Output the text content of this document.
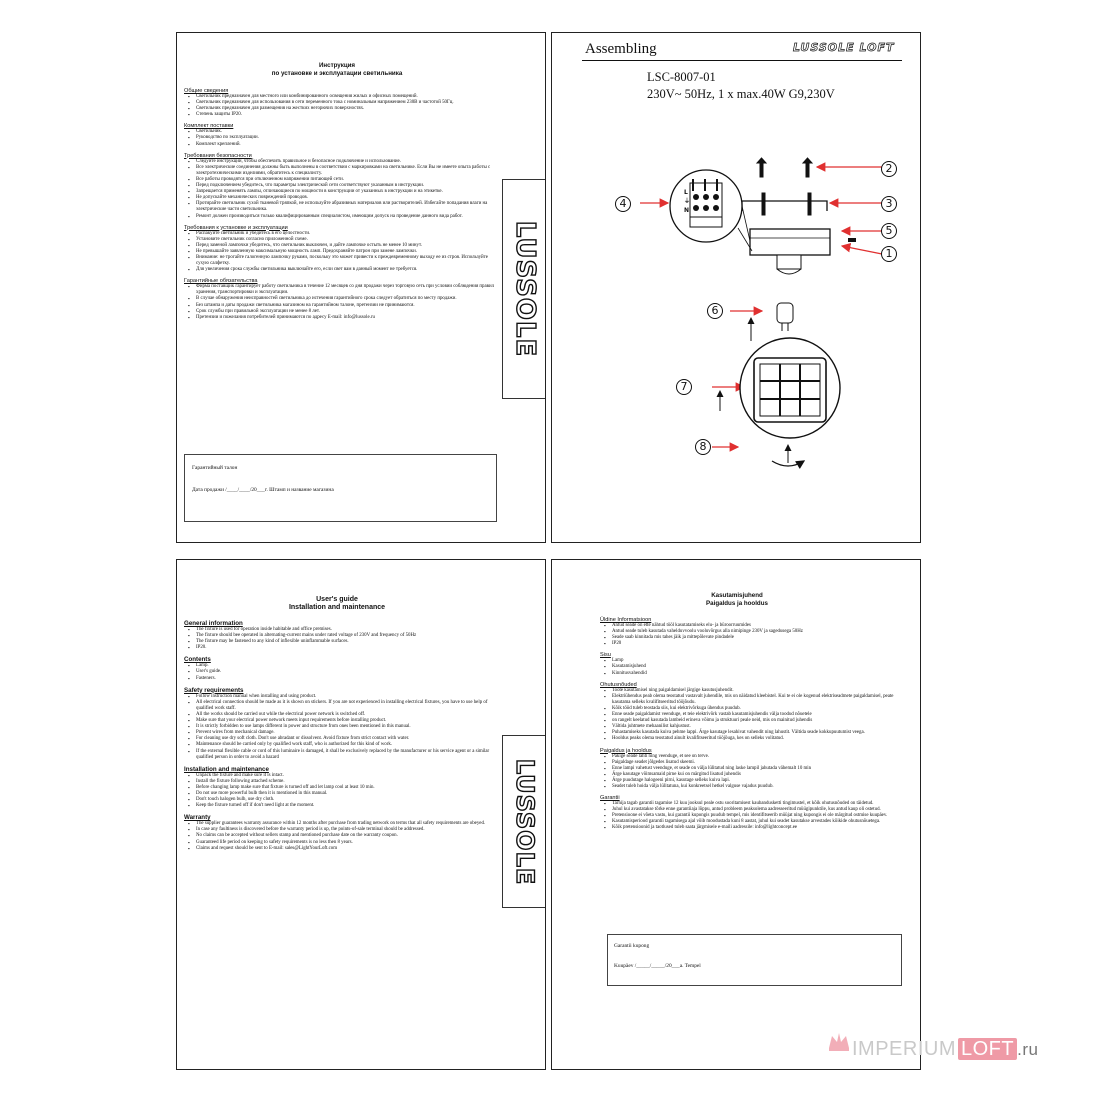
Инструкция
по установке и эксплуатации светильника
Общие сведения
▪ Светильник предназначен для местного или комбинированного освещения жилых и офисных помещений.
▪ Светильник предназначен для использования в сети переменного тока с номинальным напряжением 230В и частотой 50Гц.
▪ Светильник предназначен для размещения на жестких негорючих поверхностях.
▪ Степень защиты IP20.
Комплект поставки
▪ Светильник.
▪ Руководство по эксплуатации.
▪ Комплект креплений.
Требования безопасности
▪ Следуйте инструкции, чтобы обеспечить правильное и безопасное подключение и использование.
▪ Все электрические соединения должны быть выполнены в соответствии с маркировками на светильнике. Если Вы не имеете опыта работы с электротехническими изделиями, обратитесь к специалисту.
▪ Все работы проводятся при отключенном напряжении питающей сети.
▪ Перед подключением убедитесь, что параметры электрической сети соответствуют указанным в инструкции.
▪ Запрещается применять лампы, отличающиеся по мощности в конструкции от указанных в инструкции и на этикетке.
▪ Не допускайте механических повреждений проводов.
▪ Протирайте светильник сухой тканевой тряпкой, не используйте абразивных материалов или растворителей. Избегайте попадания влаги на электрические части светильника.
▪ Ремонт должен производиться только квалифицированным специалистом, имеющим допуск на проведение данного вида работ.
Требования к установке и эксплуатации
▪ Распакуйте светильник и убедитесь в его целостности.
▪ Установите светильник согласно приложенной схеме.
▪ Перед заменой лампочки убедитесь, что светильник выключен, и дайте лампочке остыть не менее 10 минут.
▪ Не превышайте заявленную максимальную мощность ламп. Предохраняйте патрон при замене лампочки.
▪ Внимание: не трогайте галогенную лампочку руками, поскольку это может привести к преждевременному выходу ее из строя. Используйте сухую салфетку.
▪ Для увеличения срока службы светильника выключайте его, если свет вам в данный момент не требуется.
Гарантийные обязательства
▪ Фирма поставщик гарантирует работу светильника в течение 12 месяцев со дня продажи через торговую сеть при условии соблюдения правил хранения, транспортировки и эксплуатации.
▪ В случае обнаружения неисправностей светильника до истечения гарантийного срока следует обратиться по месту продажи.
▪ Без штампа и даты продажи светильника магазином на гарантийном талоне, претензии не принимаются.
▪ Срок службы при правильной эксплуатации не менее 8 лет.
▪ Претензии и пожелания потребителей принимаются по адресу E-mail: info@lussole.ru	LUSSOLE
Гарантийный талон
Дата продажи /____/____/20___г. Штамп и название магазина
Assembling	LUSSOLE LOFT
LSC-8007-01
230V~ 50Hz, 1 x max.40W G9,230V
2
3
5
1
4
6
7
8
L
⏚
N
User's guide
Installation and maintenance
General information
▪ The fixture is used for operation inside habitable and office premises.
▪ The fixture should bee operated in alternating-current mains under rated voltage of 230V and frequency of 50Hz
▪ The fixture may be fastened to any kind of inflexible uninflammable surfaces.
▪ IP20.
Contents
▪ Lamp.
▪ User's guide.
▪ Fasteners.
Safety requirements
▪ Follow instruction manual when installing and using product.
▪ All electrical connection should be made as it is shown on stickers. If you are not experienced in installing electrical fixtures, you have to use help of qualified work staff.
▪ All the works should be carried out while the electrical power network is switched off.
▪ Make sure that your electrical power network meets input requirements before installing product.
▪ It is strictly forbidden to use lamps different in power and structure from ones been mentioned in this manual.
▪ Prevent wires from mechanical damage.
▪ For cleaning use dry soft cloth. Don't use abradant or dissolvent. Avoid fixture from strict contact with water.
▪ Maintenance should be carried only by qualified work staff, who is authorized for this kind of work.
▪ If the external flexible cable or cord of this luminaire is damaged, it shall be exclusively replaced by the manufacturer or his service agent or a similar qualified person in order to avoid a hazard
Installation and maintenance
▪ Unpack the fixture and make sure it is intact.
▪ Install the fixture following attached scheme.
▪ Before changing lamp make sure that fixture is turned off and let lamp cool at least 10 min.
▪ Do not use more powerful bulb then it is mentioned in this manual.
▪ Don't touch halogen bulb, use dry cloth.
▪ Keep the fixture turned off if don't need light at the moment.
Warranty
▪ The supplier guarantees warranty assurance within 12 months after purchase from trading network on terms that all safety requirements are obeyed.
▪ In case any faultiness is discovered before the warranty period is up, the points-of-sale terminal should be addressed.
▪ No claims can be accepted without sellers stamp and mentioned purchase date on the warranty coupon.
▪ Guaranteed life period on keeping to safety requirements is no less then 8 years.
▪ Claims and request should be sent to E-mail: sales@LightYourLoft.com	LUSSOLE
Kasutamisjuhend
Paigaldus ja hooldus
Üldine Informatsioon
▪ Antud seade on ette nähtud tööl kasutatamiseks elu- ja büroorruumides
▪ Antud seade tuleb kasutada vahelduvvoolu vooluvõrgus alla nimipinge 230V ja sagedusega 50Hz
▪ Seade saab kinnitada mis tahes jäik ja mittepõlevate pindadele
▪ IP20
Sisu
▪ Lamp
▪ Kasutamisjuhend
▪ Kinnitusvahendid
Ohutusnõuded
▪ Toote kasutamisel ning paigaldamisel järgige kasutusjuhendit.
▪ Elektriühendus peab olema teostatud vastavalt juhendile, mis on näidatud kleebistel. Kui te ei ole kogenud elektriseadmete paigaldamisel, peate kasutama selleks kvalifitseeritud tööjõudu.
▪ Kõik tööd tuleb teostada siis, kui elektrivõrkuga ühendus puudub.
▪ Enne seade paigaldamist veenduge, et teie elektrivõrk vastab kasutamisjuhendis välja toodud nõuetele
▪ on rangelt keelatud kasutada lambeid erineva võimu ja struktuuri peale neid, mis on mainitud juhendis
▪ Vältida juhtmete mehaanilist kahjustust.
▪ Puhastamiseks kasutada kuiva pehme lappi. Ärge kasutage lesahivat vahendit ning lahustit. Vältida seade kokkupuutumist veega.
▪ Hooldus peaks olema teostatud ainult kvalifitseeritud tööjõuga, kes on selleks volitatud.
Paigaldus ja hooldus
▪ Pakige seade lahti ning veenduge, et see on terve.
▪ Paigaldage seadet jõlgedes lisatud skeemi.
▪ Enne lampi vahetust veenduge, et seade on välja lülitatud ning laske lampil jahutada vähemalt 10 min
▪ Ärge kasutage võimsamaid pirne kui on märgitud lisatud juhendis
▪ Ärge puudutage halogeeni pirni, kasutage selleks kuiva lapi.
▪ Seadet tuleb hoida välja lülitatuna, kui konkreetsel hetkel valguse vajadus puudub.
Garantii
▪ Tarnija tagab garantii tagamise 12 kuu jooksul peale ostu sooritamisest kaubandusketti tingimustel, et kõik ohutusnõuded on täidetud.
▪ Juhul kui avastatakse tõrke enne garantiiaja lõppu, antud probleem peaksolema aadresseeritud müügipunktile, kus antud kaup oli ostetud.
▪ Pretensioone ei võeta vastu, kui garantii kupongis puudub tempel, mis identifitseerib müüjat ning kupongis ei ole märgitud ostmise kuupäev.
▪ Kasutamisperiood garantii tagamisega ajal võib moodustada kuni 8 aastat, juhul kui seadet kasutakse arvestades kõikide ohutusnõuetega.
▪ Kõik pretensioonid ja taotlused tuleb saata järgmisele e-maili aadressile: info@lightconcept.ee
Garantii kupong
Kuupäev /_____/_____/20___a. Tempel
IMPERIUM LOFT .ru
